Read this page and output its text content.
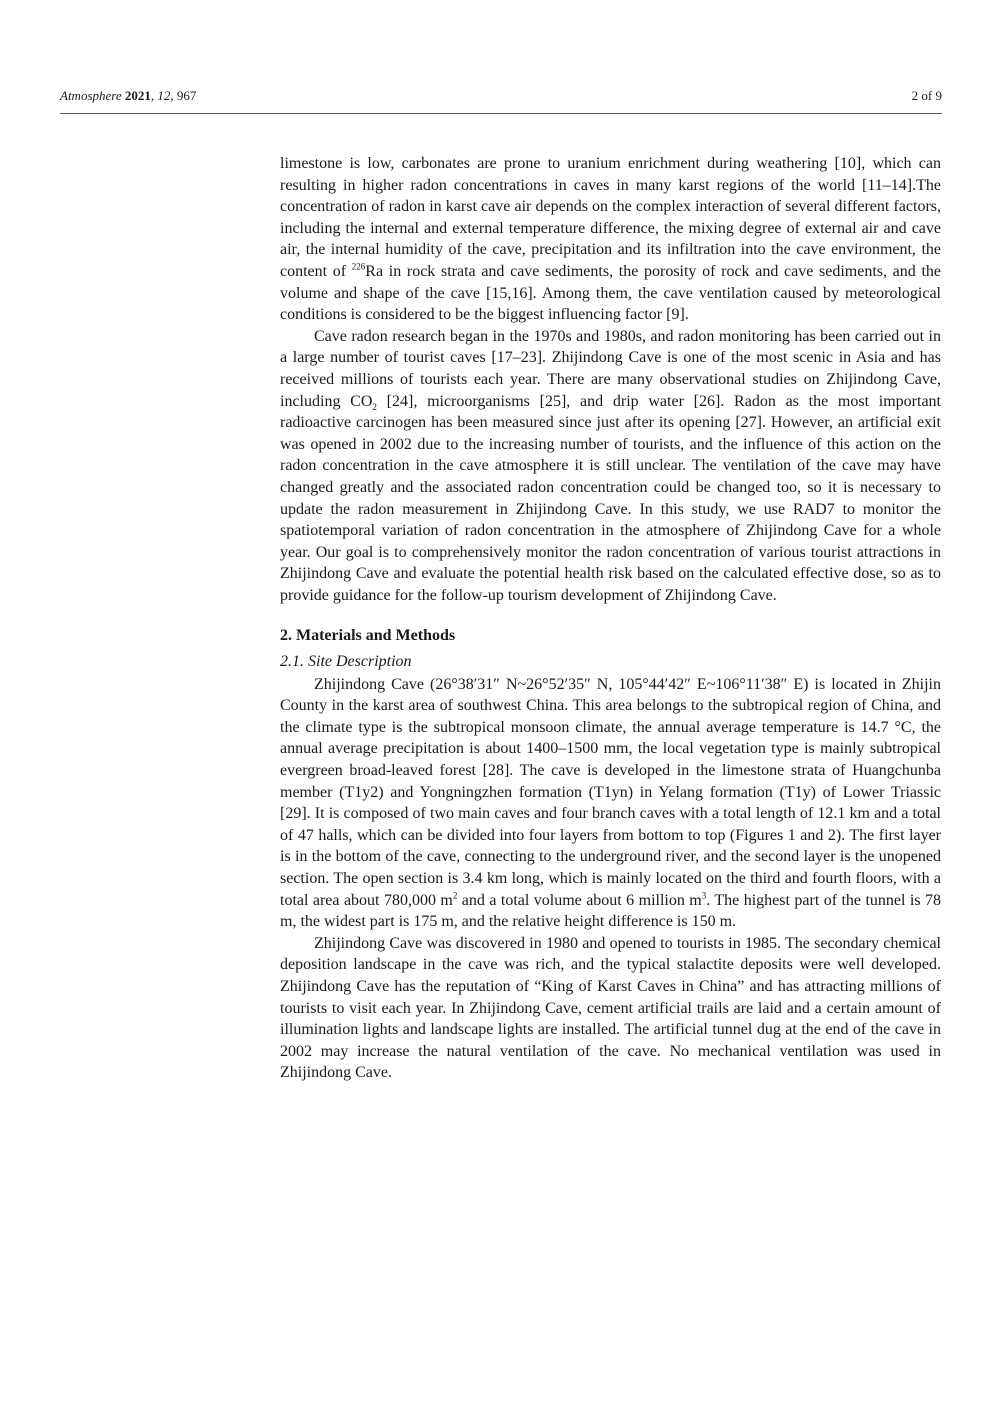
Atmosphere 2021, 12, 967	2 of 9

limestone is low, carbonates are prone to uranium enrichment during weathering [10], which can resulting in higher radon concentrations in caves in many karst regions of the world [11–14].The concentration of radon in karst cave air depends on the complex interaction of several different factors, including the internal and external temperature difference, the mixing degree of external air and cave air, the internal humidity of the cave, precipitation and its infiltration into the cave environment, the content of $^{226}$Ra in rock strata and cave sediments, the porosity of rock and cave sediments, and the volume and shape of the cave [15,16]. Among them, the cave ventilation caused by meteorological conditions is considered to be the biggest influencing factor [9].

Cave radon research began in the 1970s and 1980s, and radon monitoring has been carried out in a large number of tourist caves [17–23]. Zhijindong Cave is one of the most scenic in Asia and has received millions of tourists each year. There are many observational studies on Zhijindong Cave, including $CO_2$ [24], microorganisms [25], and drip water [26]. Radon as the most important radioactive carcinogen has been measured since just after its opening [27]. However, an artificial exit was opened in 2002 due to the increasing number of tourists, and the influence of this action on the radon concentration in the cave atmosphere it is still unclear. The ventilation of the cave may have changed greatly and the associated radon concentration could be changed too, so it is necessary to update the radon measurement in Zhijindong Cave. In this study, we use RAD7 to monitor the spatiotemporal variation of radon concentration in the atmosphere of Zhijindong Cave for a whole year. Our goal is to comprehensively monitor the radon concentration of various tourist attractions in Zhijindong Cave and evaluate the potential health risk based on the calculated effective dose, so as to provide guidance for the follow-up tourism development of Zhijindong Cave.

2. Materials and Methods
2.1. Site Description

Zhijindong Cave (26°38′31″ N~26°52′35″ N, 105°44′42″ E~106°11′38″ E) is located in Zhijin County in the karst area of southwest China. This area belongs to the subtropical region of China, and the climate type is the subtropical monsoon climate, the annual average temperature is 14.7 °C, the annual average precipitation is about 1400–1500 mm, the local vegetation type is mainly subtropical evergreen broad-leaved forest [28]. The cave is developed in the limestone strata of Huangchunba member (T1y2) and Yongningzhen formation (T1yn) in Yelang formation (T1y) of Lower Triassic [29]. It is composed of two main caves and four branch caves with a total length of 12.1 km and a total of 47 halls, which can be divided into four layers from bottom to top (Figures 1 and 2). The first layer is in the bottom of the cave, connecting to the underground river, and the second layer is the unopened section. The open section is 3.4 km long, which is mainly located on the third and fourth floors, with a total area about 780,000 $m^2$ and a total volume about 6 million $m^3$. The highest part of the tunnel is 78 m, the widest part is 175 m, and the relative height difference is 150 m.

Zhijindong Cave was discovered in 1980 and opened to tourists in 1985. The secondary chemical deposition landscape in the cave was rich, and the typical stalactite deposits were well developed. Zhijindong Cave has the reputation of “King of Karst Caves in China” and has attracting millions of tourists to visit each year. In Zhijindong Cave, cement artificial trails are laid and a certain amount of illumination lights and landscape lights are installed. The artificial tunnel dug at the end of the cave in 2002 may increase the natural ventilation of the cave. No mechanical ventilation was used in Zhijindong Cave.
